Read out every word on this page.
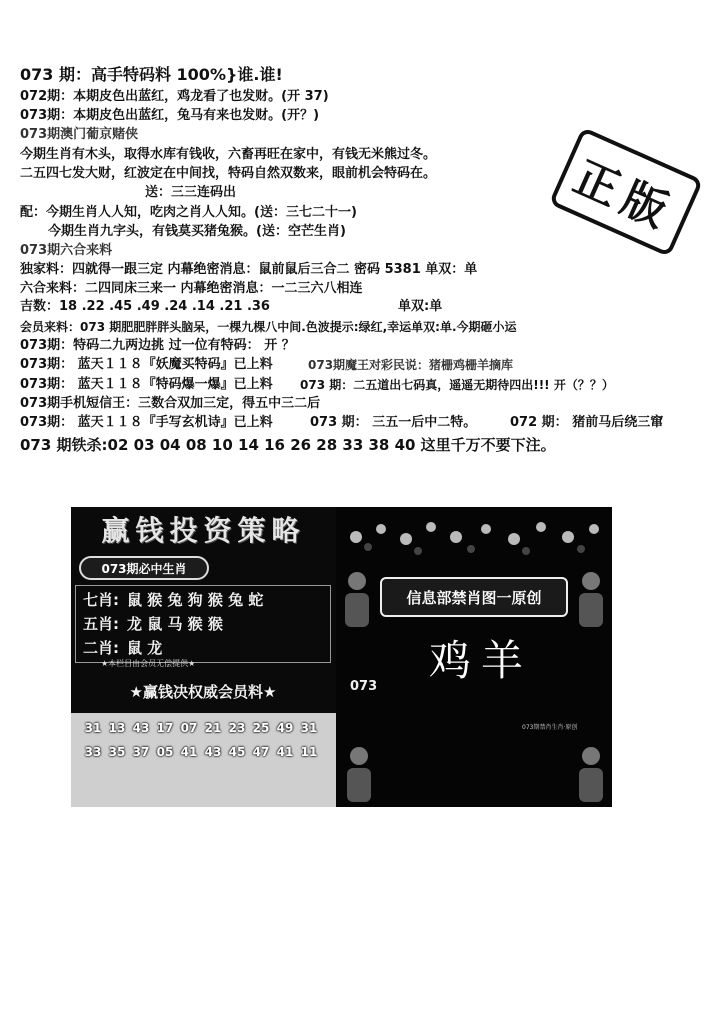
073 期：高手特码料 100%}谁.谁!
072期：本期皮色出蓝红，鸡龙看了也发财。(开 37)
073期：本期皮色出蓝红，兔马有来也发财。(开？)
073期澳门葡京赌侠
今期生肖有木头，取得水库有钱收，六畜再旺在家中，有钱无米熊过冬。
二五四七发大财，红波定在中间找，特码自然双数来，眼前机会特码在。
送：三三连码出
配：今期生肖人人知，吃肉之肖人人知。(送：三七二十一)
今期生肖九字头，有钱莫买猪兔猴。(送：空芒生肖)
073期六合来料
独家料：四就得一跟三定 内幕绝密消息：鼠前鼠后三合二 密码 5381 单双：单
六合来料：二四同床三来一 内幕绝密消息：一二三六八相连
吉数：18 .22 .45 .49 .24 .14 .21 .36	单双:单
会员来料：073 期肥肥胖胖头脑呆，一棵九棵八中间.色波提示:绿红,幸运单双:单.今期砸小运
073期：特码二九两边挑 过一位有特码： 开 ？
073期： 蓝天１１８『妖魔买特码』已上料	073期魔王对彩民说：猪栅鸡栅羊摘库
073期： 蓝天１１８『特码爆一爆』已上料 073 期：二五道出七码真，遥遥无期待四出!!! 开（？？）
073期手机短信王：三数合双加三定，得五中三二后
073期： 蓝天１１８『手写玄机诗』已上料	073 期： 三五一后中二特。	072 期： 猪前马后绕三窜
073 期铁杀:02 03 04 08 10 14 16 26 28 33 38 40 这里千万不要下注。
正版
赢钱投资策略
073期必中生肖
七肖: 鼠 猴 兔 狗 猴 兔 蛇
五肖: 龙 鼠 马 猴 猴
二肖: 鼠 龙
★本栏目由会员无偿提供★
★赢钱决权威会员料★
31 13 43 17 07 21 23 25 49 31
33 35 37 05 41 43 45 47 41 11
信息部禁肖图一原创
鸡羊
073
073期禁肖生肖·原创
